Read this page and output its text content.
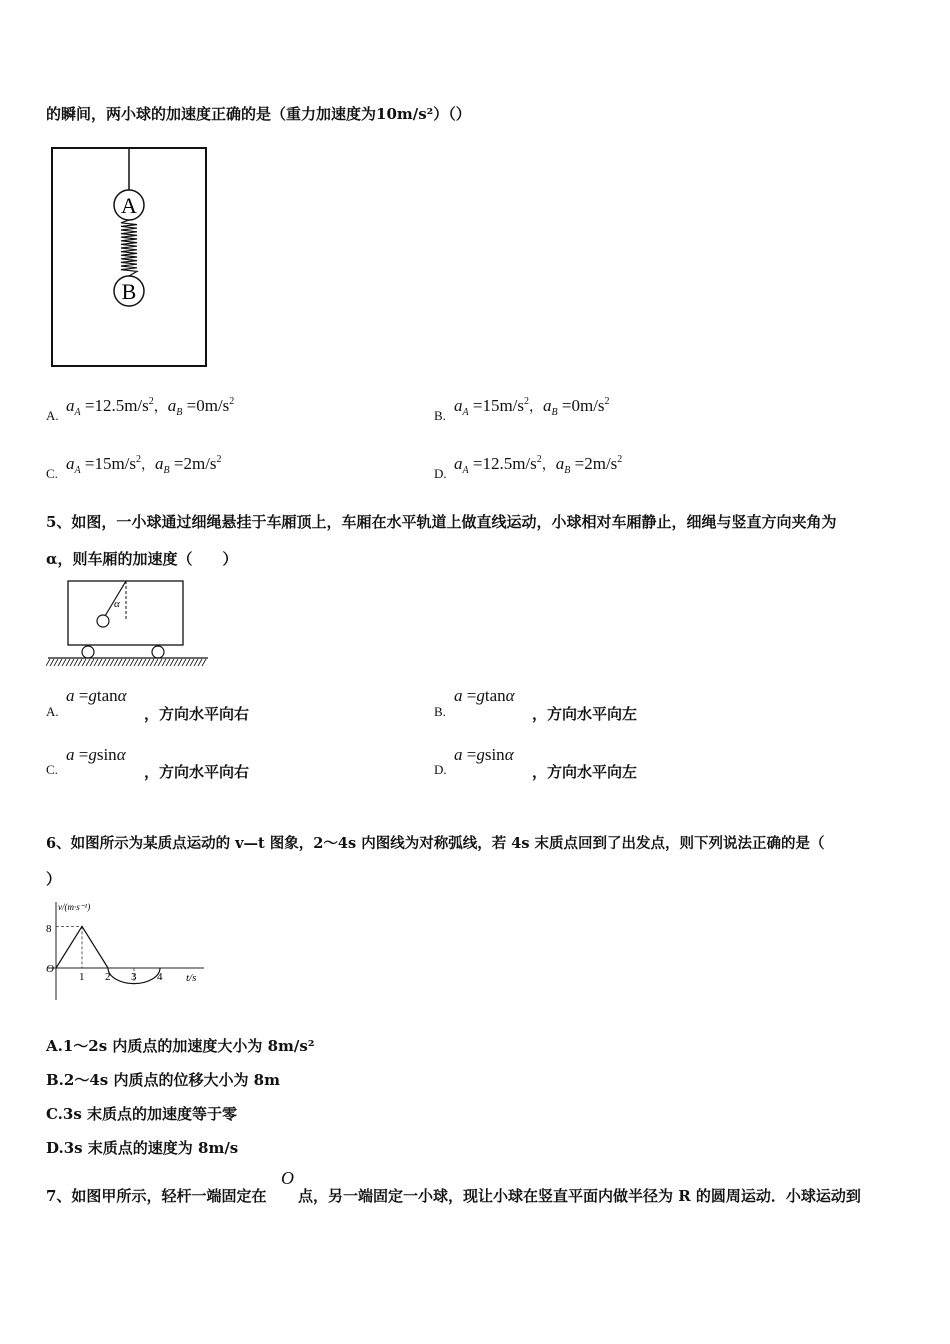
的瞬间，两小球的加速度正确的是（重力加速度为10m/s²）（）
A
B
A.
$a_A =12.5m/s^2$，$a_B =0m/s^2$
B.
$a_A =15m/s^2$，$a_B =0m/s^2$
C.
$a_A =15m/s^2$，$a_B =2m/s^2$
D.
$a_A =12.5m/s^2$，$a_B =2m/s^2$
5、如图，一小球通过细绳悬挂于车厢顶上，车厢在水平轨道上做直线运动，小球相对车厢静止，细绳与竖直方向夹角为
α，则车厢的加速度（　　）
α
A.
a =gtanα
，方向水平向右	B.
a =gtanα
，方向水平向左
C.
a =gsinα
，方向水平向右	D.
a =gsinα
，方向水平向左
6、如图所示为某质点运动的 v—t 图象，2～4s 内图线为对称弧线，若 4s 末质点回到了出发点，则下列说法正确的是（
）
v/(m·s⁻¹)
t/s
O
8
1 2 3 4
A.1～2s 内质点的加速度大小为 8m/s²
B.2～4s 内质点的位移大小为 8m
C.3s 末质点的加速度等于零
D.3s 末质点的速度为 8m/s
7、如图甲所示，轻杆一端固定在
O
点，另一端固定一小球，现让小球在竖直平面内做半径为 R 的圆周运动．小球运动到
